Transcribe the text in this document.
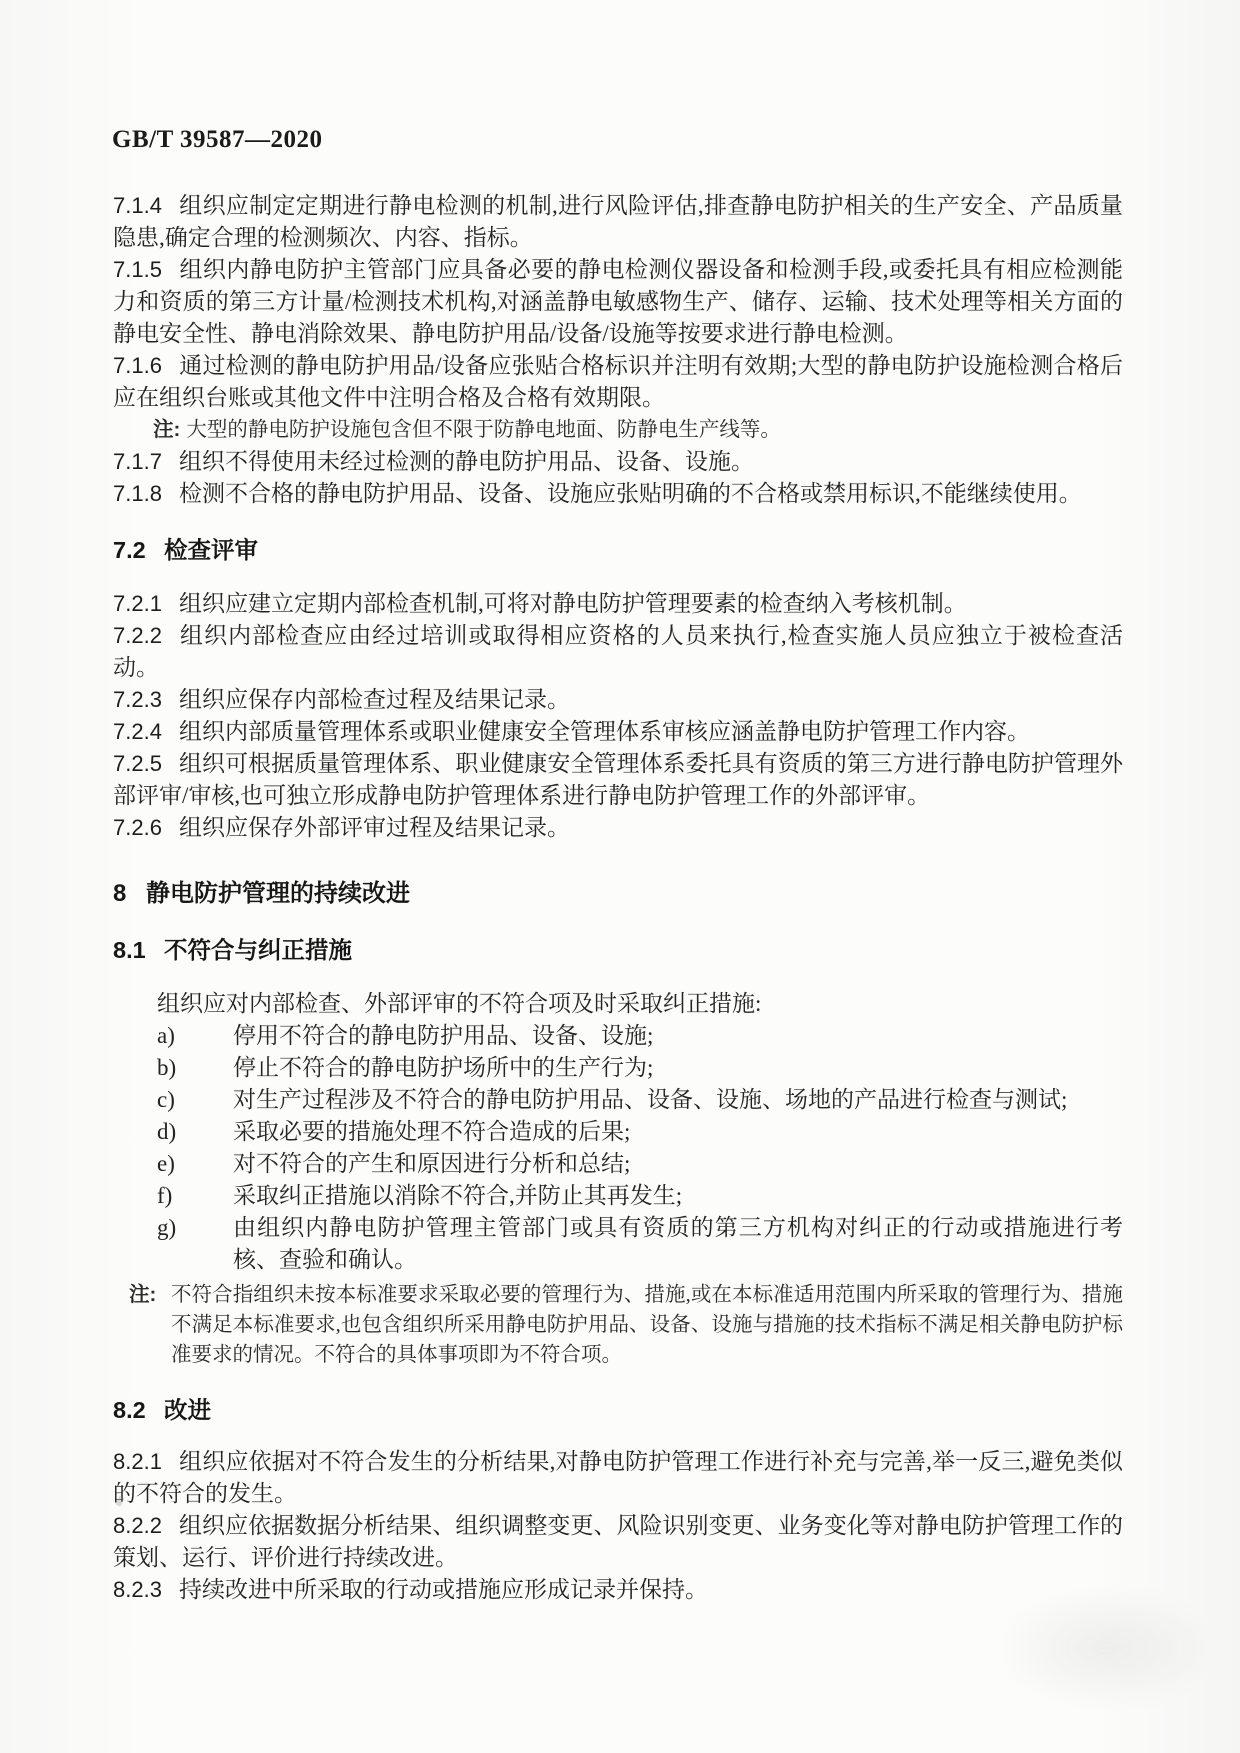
GB/T 39587—2020

7.1.4 组织应制定定期进行静电检测的机制,进行风险评估,排查静电防护相关的生产安全、产品质量隐患,确定合理的检测频次、内容、指标。

7.1.5 组织内静电防护主管部门应具备必要的静电检测仪器设备和检测手段,或委托具有相应检测能力和资质的第三方计量/检测技术机构,对涵盖静电敏感物生产、储存、运输、技术处理等相关方面的静电安全性、静电消除效果、静电防护用品/设备/设施等按要求进行静电检测。

7.1.6 通过检测的静电防护用品/设备应张贴合格标识并注明有效期;大型的静电防护设施检测合格后应在组织台账或其他文件中注明合格及合格有效期限。

注: 大型的静电防护设施包含但不限于防静电地面、防静电生产线等。

7.1.7 组织不得使用未经过检测的静电防护用品、设备、设施。

7.1.8 检测不合格的静电防护用品、设备、设施应张贴明确的不合格或禁用标识,不能继续使用。

7.2 检查评审

7.2.1 组织应建立定期内部检查机制,可将对静电防护管理要素的检查纳入考核机制。

7.2.2 组织内部检查应由经过培训或取得相应资格的人员来执行,检查实施人员应独立于被检查活动。

7.2.3 组织应保存内部检查过程及结果记录。

7.2.4 组织内部质量管理体系或职业健康安全管理体系审核应涵盖静电防护管理工作内容。

7.2.5 组织可根据质量管理体系、职业健康安全管理体系委托具有资质的第三方进行静电防护管理外部评审/审核,也可独立形成静电防护管理体系进行静电防护管理工作的外部评审。

7.2.6 组织应保存外部评审过程及结果记录。

8 静电防护管理的持续改进
8.1 不符合与纠正措施

组织应对内部检查、外部评审的不符合项及时采取纠正措施:

a)	停用不符合的静电防护用品、设备、设施;
b)	停止不符合的静电防护场所中的生产行为;
c)	对生产过程涉及不符合的静电防护用品、设备、设施、场地的产品进行检查与测试;
d)	采取必要的措施处理不符合造成的后果;
e)	对不符合的产生和原因进行分析和总结;
f)	采取纠正措施以消除不符合,并防止其再发生;
g)	由组织内静电防护管理主管部门或具有资质的第三方机构对纠正的行动或措施进行考核、查验和确认。
注: 不符合指组织未按本标准要求采取必要的管理行为、措施,或在本标准适用范围内所采取的管理行为、措施不满足本标准要求,也包含组织所采用静电防护用品、设备、设施与措施的技术指标不满足相关静电防护标准要求的情况。不符合的具体事项即为不符合项。
8.2 改进

8.2.1 组织应依据对不符合发生的分析结果,对静电防护管理工作进行补充与完善,举一反三,避免类似的不符合的发生。

8.2.2 组织应依据数据分析结果、组织调整变更、风险识别变更、业务变化等对静电防护管理工作的策划、运行、评价进行持续改进。

8.2.3 持续改进中所采取的行动或措施应形成记录并保持。
